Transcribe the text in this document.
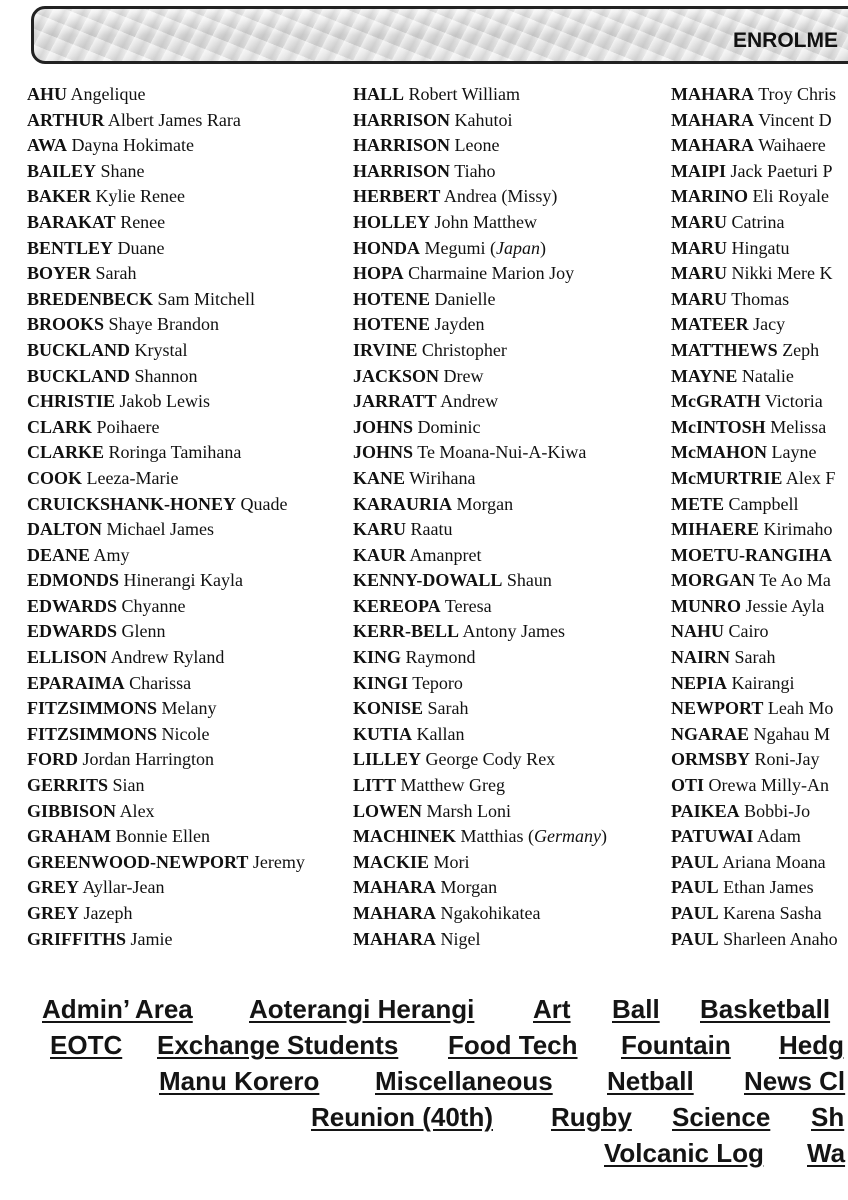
ENROLME
AHU Angelique
ARTHUR Albert James Rara
AWA Dayna Hokimate
BAILEY Shane
BAKER Kylie Renee
BARAKAT Renee
BENTLEY Duane
BOYER Sarah
BREDENBECK Sam Mitchell
BROOKS Shaye Brandon
BUCKLAND Krystal
BUCKLAND Shannon
CHRISTIE Jakob Lewis
CLARK Poihaere
CLARKE Roringa Tamihana
COOK Leeza-Marie
CRUICKSHANK-HONEY Quade
DALTON Michael James
DEANE Amy
EDMONDS Hinerangi Kayla
EDWARDS Chyanne
EDWARDS Glenn
ELLISON Andrew Ryland
EPARAIMA Charissa
FITZSIMMONS Melany
FITZSIMMONS Nicole
FORD Jordan Harrington
GERRITS Sian
GIBBISON Alex
GRAHAM Bonnie Ellen
GREENWOOD-NEWPORT Jeremy
GREY Ayllar-Jean
GREY Jazeph
GRIFFITHS Jamie
HALL Robert William
HARRISON Kahutoi
HARRISON Leone
HARRISON Tiaho
HERBERT Andrea (Missy)
HOLLEY John Matthew
HONDA Megumi (Japan)
HOPA Charmaine Marion Joy
HOTENE Danielle
HOTENE Jayden
IRVINE Christopher
JACKSON Drew
JARRATT Andrew
JOHNS Dominic
JOHNS Te Moana-Nui-A-Kiwa
KANE Wirihana
KARAURIA Morgan
KARU Raatu
KAUR Amanpret
KENNY-DOWALL Shaun
KEREOPA Teresa
KERR-BELL Antony James
KING Raymond
KINGI Teporo
KONISE Sarah
KUTIA Kallan
LILLEY George Cody Rex
LITT Matthew Greg
LOWEN Marsh Loni
MACHINEK Matthias (Germany)
MACKIE Mori
MAHARA Morgan
MAHARA Ngakohikatea
MAHARA Nigel
MAHARA Troy Chris
MAHARA Vincent D
MAHARA Waihaere
MAIPI Jack Paeturi P
MARINO Eli Royale
MARU Catrina
MARU Hingatu
MARU Nikki Mere K
MARU Thomas
MATEER Jacy
MATTHEWS Zeph
MAYNE Natalie
McGRATH Victoria
McINTOSH Melissa
McMAHON Layne
McMURTRIE Alex F
METE Campbell
MIHAERE Kirimaho
MOETU-RANGIHA
MORGAN Te Ao Ma
MUNRO Jessie Ayla
NAHU Cairo
NAIRN Sarah
NEPIA Kairangi
NEWPORT Leah Mo
NGARAE Ngahau M
ORMSBY Roni-Jay
OTI Orewa Milly-An
PAIKEA Bobbi-Jo
PATUWAI Adam
PAUL Ariana Moana
PAUL Ethan James
PAUL Karena Sasha
PAUL Sharleen Anaho
Admin’ Area Aoterangi Herangi Art Ball Basketball
EOTC Exchange Students Food Tech Fountain Hedg
Manu Korero Miscellaneous Netball News Cl
Reunion (40th) Rugby Science Sh
Volcanic Log Wa
